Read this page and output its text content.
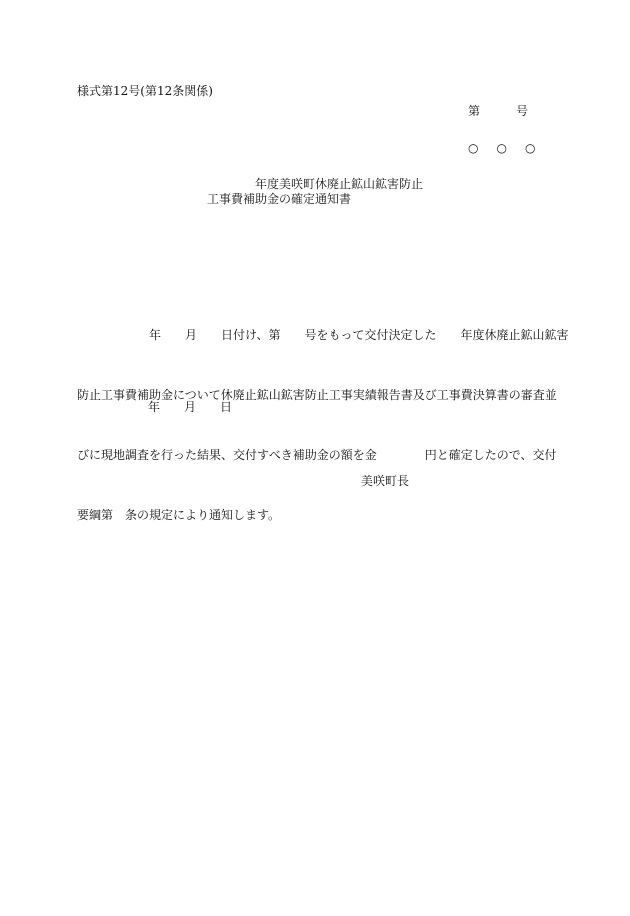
様式第12号(第12条関係)
第　　　号
○　○　○
年度美咲町休廃止鉱山鉱害防止
工事費補助金の確定通知書

　　　　　　年　　月　　日付け、第　　号をもって交付決定した　　年度休廃止鉱山鉱害

防止工事費補助金について休廃止鉱山鉱害防止工事実績報告書及び工事費決算書の審査並

びに現地調査を行った結果、交付すべき補助金の額を金　　　　円と確定したので、交付

要綱第　条の規定により通知します。

年　　月　　日
美咲町長
